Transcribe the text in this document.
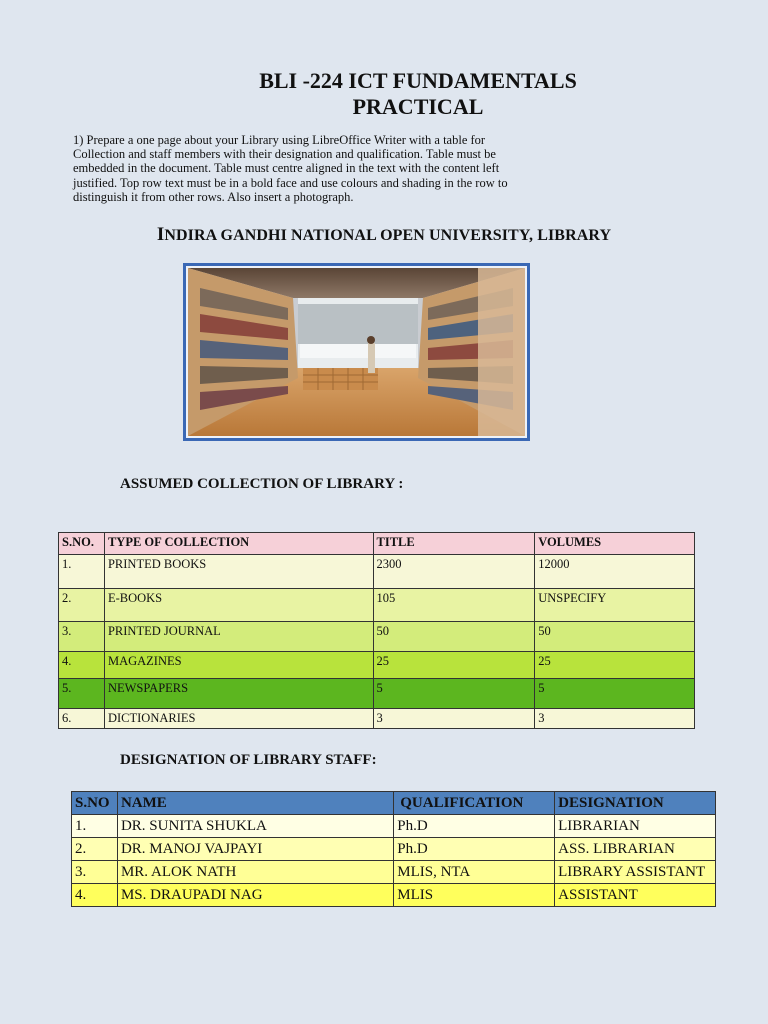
BLI -224 ICT FUNDAMENTALS
PRACTICAL
1) Prepare a one page about your Library using LibreOffice Writer with a table for Collection and staff members with their designation and qualification. Table must be embedded in the document. Table must centre aligned in the text with the content left justified. Top row text must be in a bold face and use colours and shading in the row to distinguish it from other rows. Also insert a photograph.
INDIRA GANDHI NATIONAL OPEN UNIVERSITY, LIBRARY
ASSUMED COLLECTION OF LIBRARY :
S.NO.	TYPE OF COLLECTION	TITLE	VOLUMES
1.	PRINTED BOOKS	2300	12000
2.	E-BOOKS	105	UNSPECIFY
3.	PRINTED JOURNAL	50	50
4.	MAGAZINES	25	25
5.	NEWSPAPERS	5	5
6.	DICTIONARIES	3	3
DESIGNATION OF LIBRARY STAFF:
S.NO	NAME	QUALIFICATION	DESIGNATION
1.	DR. SUNITA SHUKLA	Ph.D	LIBRARIAN
2.	DR. MANOJ VAJPAYI	Ph.D	ASS. LIBRARIAN
3.	MR. ALOK NATH	MLIS, NTA	LIBRARY ASSISTANT
4.	MS. DRAUPADI NAG	MLIS	ASSISTANT
